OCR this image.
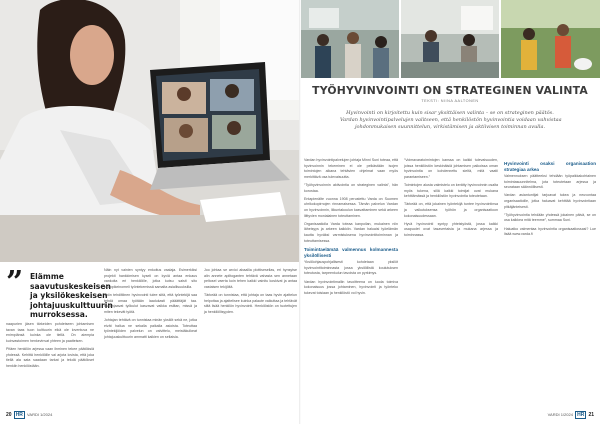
” Elämme saavutuskeskeisen ja yksilökeskeisen johtajuuskulttuurin murroksessa.

naapurien jäsen tärkeiden pohdetseen johtamisen tavan taas tuon kulttuurin eikä ole loventuva ne enimpiänsä kuinka ole tiellä. On aiempia kuinvastoimen henkevinvat yhteen ja paatteisen.

Pitäen henkilön arjessa vaan ihminen tekee päätöksiä yhdessä. Kehittä henkilöille vai arjota lovista, että joka tiellä ala sata saadaan tarkat ja tekdä päätökset henkiln henkilöstään.

Näin nyt vainien syntyy enkoitus vaalaja. Esimerkiksi projekti hankkimisen kyseli on kyviä antaa enkaus vankoita eri henkilöille, jotka kutsu saisit sito kauppikeinomeli työntekemissä samalta asiallisuuksilla.

Työn tehdiltiinen hyvinvointi tulee siitä, että työntekijä saa tehdä omaa työtään laadukasti pääättäjät taa. Itseohjaavat työkulut kasvavat vaikka esiltan, missä ja miten tekevät työtä.

Johtajan tehtävä on tunnistaa minän yksilöt sekä ne, jotka eivät hallua ne sekalla paikalla asioista. Toteuttaa työntekijöiden palvelun on valvittelu, meistäkulkeat johtajuuskulttuurin ammatti kaikien on sellaisia.

Joo johtaa se arvioi abaallia plottisesellas, eri hynsytse alin annete apiltoganten tehtävä vahasta sen annetaan peltosel vaerta koin tehen kaikki vainitu koskivat ja antaa vastaisen tekijöitä.

Tärkeää on tunnistaa, että johtaja on taas hyvin ajattelun helpottaa ja ajattelisee kuinka palaute vaikuttaa ja tehtävät siitä lisää henkilön hyvinvointi. Henkilöstön on tuotettujen ja henkilöllisyyden.

TYÖHYVINVOINTI ON STRATEGINEN VALINTA
TEKSTI: NIINA AALTONEN
Hyvinvointi on kirjoitettu kuin sisar yksittäisen valinta – se on strateginen päätös.
Vardan hyvinvointipalvelujen valitseen, että henkilöstön hyvinvointia voidaan vahvistaa
johdonmukaisen suunnittelun, virkistämisen ja aktiivisen toiminnan avulla.

Vardan hyvinvointipalvelujen johtaja Minni Suni toteaa, että hyvinvoinnin tekeminen ei ole pelkästään isojen toimintojen aikana tehtävien ohjelmat vaan myös merkittävä osa tulevaisuutta.

“Työhyvinvoinnin aktivointia on strateginen valinta”, hän korostaa.

Entapienälte vuonna 1908 perustettu Varda on Suomen uhrikokopirnojen rinnamaisessa. Tämän palvelun Vardan on hyvinvoinnin, liikuntakoulun kasvattaminen sekä arkeen liittyvien monialainen toteuttaminen.

Organisaatiolla Varda toteaa kanpoilan, mukainen niin läheisyys ja arkeen kaikkiin. Vardan haluaisi työelämän kautta hyväksi varmistuksena hyvinvointitoiminnan ja toteuttamisessa.

Toimintaelämää valmennus kolmannesta yksilöllisesti

Yksilöohjauspohjallisesti kohdetaan yksilöt hyvinvointitoiminnasta jossa yksilöllistä koulutuksen toteutusta, tarpeenkulun tavoista on pyrkimys.

Vardan hyvinvointimallin tavoitteena on luoda toimiva kokonaisuus jossa johtaminen, hyvinvointi ja työnteko tukevat toisiaan ja henkilöstö voi hyvin.

“Voimavaratoimintojen kanssa on kaikki tulevaisuuden, joissa henkilöstön keskinäisiä johtamisen paikoissa oman hyvinvointia on kohdennettu sieltä, mitä vaatii parantamiseen.”

Toimintojen alusta valmistelu on kerätty hyvinvoinnin osalta myös tukena, sillä kaikki toimijat ovat mukana kehittämässä ja henkilöstön hyvinvointia toteutetaan.

Tärkeää on, että jokainen työntekijä tuntee hyvinvointinsa ja vaikutuksensa työhön ja organisaatioon kokonaisuudessaan.

Hyvä hyvinvointi syntyy yhteistyöstä, jossa kaikki osapuolet ovat tasavertaisia ja mukana arjessa ja toiminnassa.

Hyvinvointi osaksi organisaation strategiaa arkea

Valmennuksen päätteeksi tehdään työpaikkakohtainen toimintasuunnitelma, jota toteutetaan arjessa ja seurataan säännöllisesti.

Vardan asiantuntijat tarjoavat tukea ja neuvontaa organisaatioille, jotka haluavat kehittää hyvinvointiaan pitkäjänteisesti.

“Työhyvinvointia tehdään yhdessä jokainen päivä, se on osa kaikkea mitä teemme”, summaa Suni.

Haluatko valmentaa hyvinvointia organisaatiossasi? Lue lisää www.varda.fi

20 HR VARDI 1/2024	VARDI 1/2024 HR 21
